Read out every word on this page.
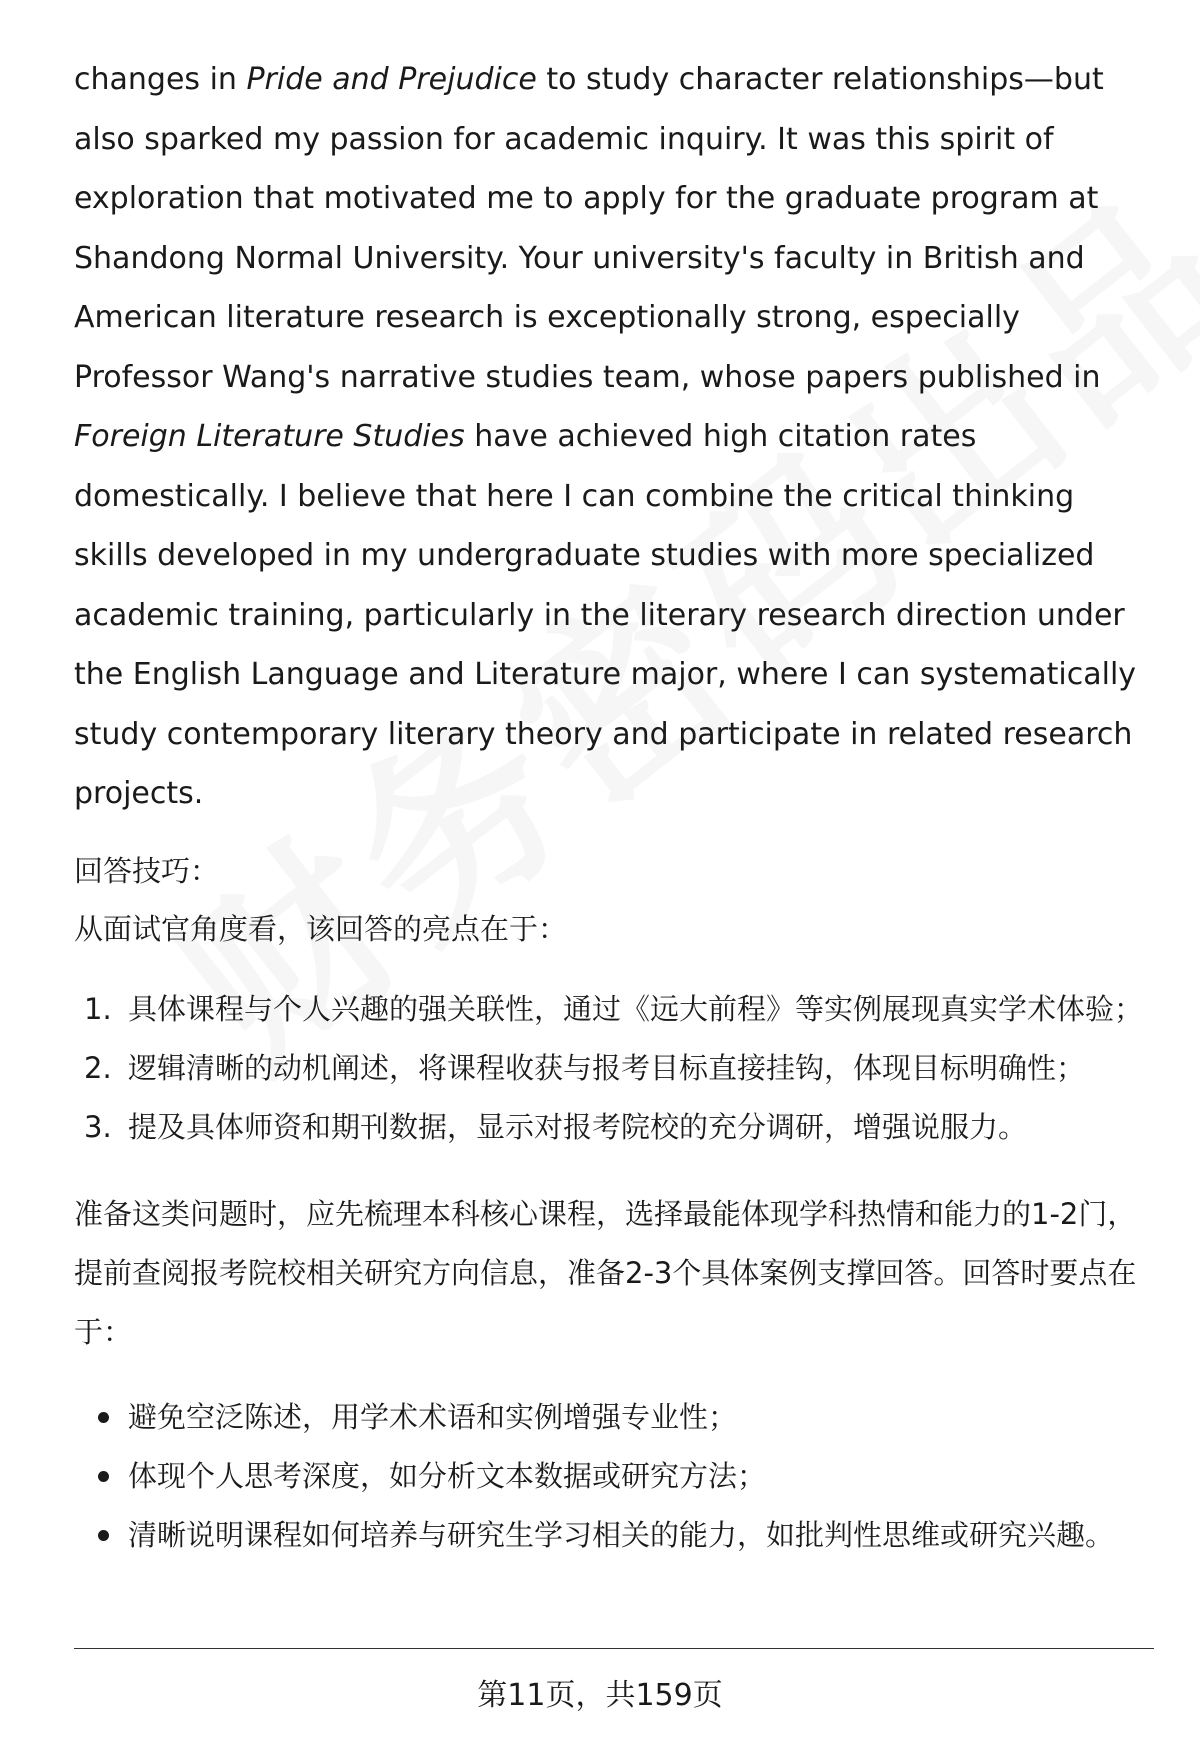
changes in Pride and Prejudice to study character relationships—but also sparked my passion for academic inquiry. It was this spirit of exploration that motivated me to apply for the graduate program at Shandong Normal University. Your university's faculty in British and American literature research is exceptionally strong, especially Professor Wang's narrative studies team, whose papers published in Foreign Literature Studies have achieved high citation rates domestically. I believe that here I can combine the critical thinking skills developed in my undergraduate studies with more specialized academic training, particularly in the literary research direction under the English Language and Literature major, where I can systematically study contemporary literary theory and participate in related research projects.

回答技巧：

从面试官角度看，该回答的亮点在于：

1. 具体课程与个人兴趣的强关联性，通过《远大前程》等实例展现真实学术体验；
2. 逻辑清晰的动机阐述，将课程收获与报考目标直接挂钩，体现目标明确性；
3. 提及具体师资和期刊数据，显示对报考院校的充分调研，增强说服力。

准备这类问题时，应先梳理本科核心课程，选择最能体现学科热情和能力的1-2门，提前查阅报考院校相关研究方向信息，准备2-3个具体案例支撑回答。回答时要点在于：

避免空泛陈述，用学术术语和实例增强专业性；
体现个人思考深度，如分析文本数据或研究方法；
清晰说明课程如何培养与研究生学习相关的能力，如批判性思维或研究兴趣。
第11页，共159页
